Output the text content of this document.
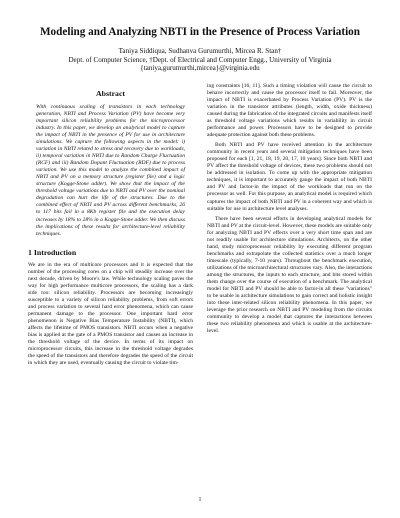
Modeling and Analyzing NBTI in the Presence of Process Variation
Taniya Siddiqua, Sudhanva Gurumurthi, Mircea R. Stan†
Dept. of Computer Science, †Dept. of Electrical and Computer Engg., University of Virginia
{taniya,gurumurthi,mircea}@virginia.edu
Abstract

With continuous scaling of transistors in each technology generation, NBTI and Process Variation (PV) have become very important silicon reliability problems for the microprocessor industry. In this paper, we develop an analytical model to capture the impact of NBTI in the presence of PV for use in architecture simulations. We capture the following aspects in the model: i) variation in NBTI related to stress and recovery due to workloads, ii) temporal variation in NBTI due to Random Charge Fluctuation (RCF) and iii) Random Dopant Fluctuation (RDF) due to process variation. We use this model to analyze the combined impact of NBTI and PV on a memory structure (register file) and a logic structure (Kogge-Stone adder). We show that the impact of the threshold voltage variations due to NBTI and PV over the nominal degradation can hurt the life of the structures. Due to the combined effect of NBTI and PV across different benchmarks, 26 to 117 bits fail in a 8Kb register file and the execution delay increases by 18% to 28% in a Kogge-Stone adder. We then discuss the implications of these results for architecture-level reliability techniques.

1 Introduction

We are in the era of multicore processors and it is expected that the number of the processing cores on a chip will steadily increase over the next decade, driven by Moore's law. While technology scaling paves the way for high performance multicore processors, the scaling has a dark side too: silicon reliability. Processors are becoming increasingly susceptible to a variety of silicon reliability problems, from soft errors and process variation to several hard error phenomena, which can cause permanent damage to the processor. One important hard error phenomenon is Negative Bias Temperature Instability (NBTI), which affects the lifetime of PMOS transistors. NBTI occurs when a negative bias is applied at the gate of a PMOS transistor and causes an increase in the threshold voltage of the device. In terms of its impact on microprocessor circuits, this increase in the threshold voltage degrades the speed of the transistors and therefore degrades the speed of the circuit in which they are used, eventually causing the circuit to violate tim-

ing constraints [16, 11]. Such a timing violation will cause the circuit to behave incorrectly and cause the processor itself to fail. Moreover, the impact of NBTI is exacerbated by Process Variation (PV). PV is the variation in the transistor attributes (length, width, oxide thickness) caused during the fabrication of the integrated circuits and manifests itself as threshold voltage variations which results in variability in circuit performance and power. Processors have to be designed to provide adequate protection against both these problems.

Both NBTI and PV have received attention in the architecture community in recent years and several mitigation techniques have been proposed for each [1, 21, 18, 19, 20, 17, 10 years]. Since both NBTI and PV affect the threshold voltage of devices, these two problems should not be addressed in isolation. To come up with the appropriate mitigation techniques, it is important to accurately gauge the impact of both NBTI and PV and factor-in the impact of the workloads that run on the processor as well. For this purpose, an analytical model is required which captures the impact of both NBTI and PV in a coherent way and which is suitable for use in architecture level analyses.

There have been several efforts in developing analytical models for NBTI and PV at the circuit-level. However, these models are suitable only for analyzing NBTI and PV effects over a very short time span and are not readily usable for architecture simulations. Architects, on the other hand, study microprocessor reliability by executing different program benchmarks and extrapolate the collected statistics over a much longer timescale (typically, 7-10 years). Throughout the benchmark execution, utilizations of the microarchitectural structures vary. Also, the interactions among the structures, the inputs to each structure, and bits stored within them change over the course of execution of a benchmark. The analytical model for NBTI and PV should be able to factor-in all these "variations" to be usable in architecture simulations to gain correct and holistic insight into these inter-related silicon reliability phenomena. In this paper, we leverage the prior research on NBTI and PV modeling from the circuits community to develop a model that captures the interactions between these two reliability phenomena and which is usable at the architecture-level.

1
